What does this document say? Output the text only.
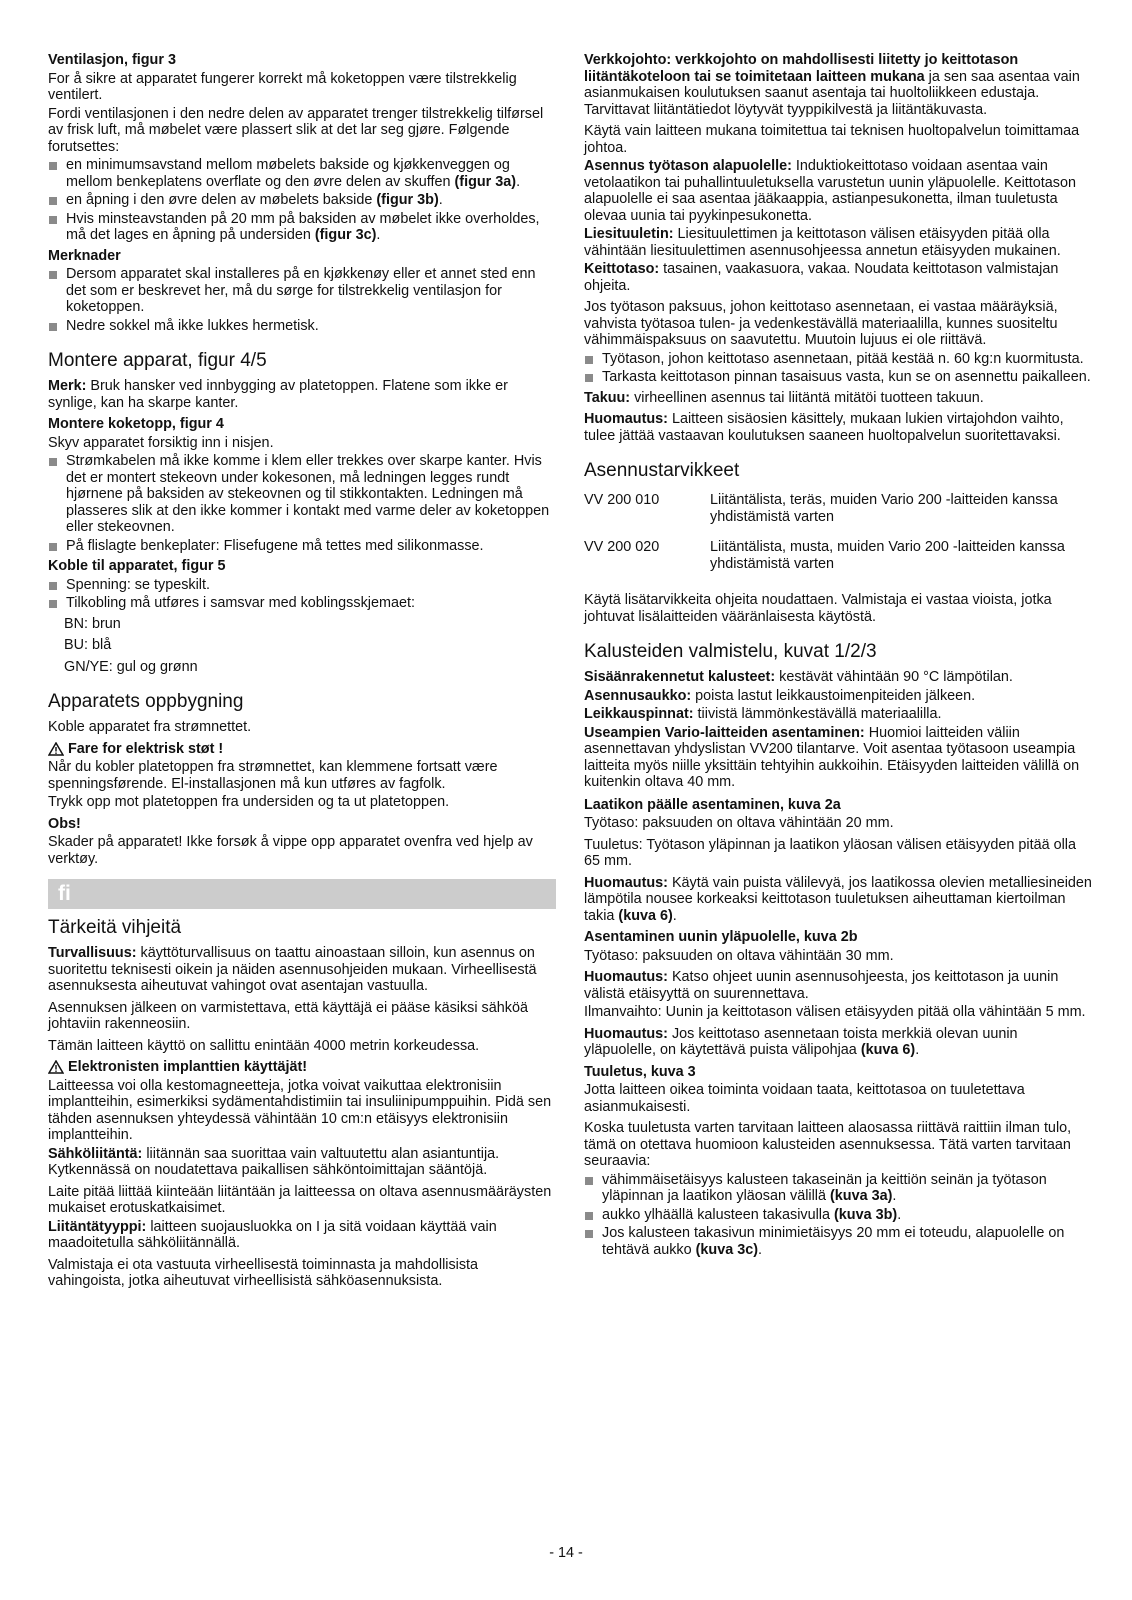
Ventilasjon, figur 3
For å sikre at apparatet fungerer korrekt må koketoppen være tilstrekkelig ventilert.
Fordi ventilasjonen i den nedre delen av apparatet trenger tilstrekkelig tilførsel av frisk luft, må møbelet være plassert slik at det lar seg gjøre. Følgende forutsettes:
en minimumsavstand mellom møbelets bakside og kjøkkenveggen og mellom benkeplatens overflate og den øvre delen av skuffen (figur 3a).
en åpning i den øvre delen av møbelets bakside (figur 3b).
Hvis minsteavstanden på 20 mm på baksiden av møbelet ikke overholdes, må det lages en åpning på undersiden (figur 3c).
Merknader
Dersom apparatet skal installeres på en kjøkkenøy eller et annet sted enn det som er beskrevet her, må du sørge for tilstrekkelig ventilasjon for koketoppen.
Nedre sokkel må ikke lukkes hermetisk.
Montere apparat, figur 4/5
Merk: Bruk hansker ved innbygging av platetoppen. Flatene som ikke er synlige, kan ha skarpe kanter.
Montere koketopp, figur 4
Skyv apparatet forsiktig inn i nisjen.
Strømkabelen må ikke komme i klem eller trekkes over skarpe kanter. Hvis det er montert stekeovn under kokesonen, må ledningen legges rundt hjørnene på baksiden av stekeovnen og til stikkontakten. Ledningen må plasseres slik at den ikke kommer i kontakt med varme deler av koketoppen eller stekeovnen.
På flislagte benkeplater: Flisefugene må tettes med silikonmasse.
Koble til apparatet, figur 5
Spenning: se typeskilt.
Tilkobling må utføres i samsvar med koblingsskjemaet:
BN: brun
BU: blå
GN/YE: gul og grønn
Apparatets oppbygning
Koble apparatet fra strømnettet.
Fare for elektrisk støt !
Når du kobler platetoppen fra strømnettet, kan klemmene fortsatt være spenningsførende. El-installasjonen må kun utføres av fagfolk.
Trykk opp mot platetoppen fra undersiden og ta ut platetoppen.
Obs!
Skader på apparatet! Ikke forsøk å vippe opp apparatet ovenfra ved hjelp av verktøy.
fi
Tärkeitä vihjeitä
Turvallisuus: käyttöturvallisuus on taattu ainoastaan silloin, kun asennus on suoritettu teknisesti oikein ja näiden asennusohjeiden mukaan. Virheellisestä asennuksesta aiheutuvat vahingot ovat asentajan vastuulla.
Asennuksen jälkeen on varmistettava, että käyttäjä ei pääse käsiksi sähköä johtaviin rakenneosiin.
Tämän laitteen käyttö on sallittu enintään 4000 metrin korkeudessa.
Elektronisten implanttien käyttäjät!
Laitteessa voi olla kestomagneetteja, jotka voivat vaikuttaa elektronisiin implantteihin, esimerkiksi sydämentahdistimiin tai insuliinipumppuihin. Pidä sen tähden asennuksen yhteydessä vähintään 10 cm:n etäisyys elektronisiin implantteihin.
Sähköliitäntä: liitännän saa suorittaa vain valtuutettu alan asiantuntija. Kytkennässä on noudatettava paikallisen sähköntoimittajan sääntöjä.
Laite pitää liittää kiinteään liitäntään ja laitteessa on oltava asennusmääräysten mukaiset erotuskatkaisimet.
Liitäntätyyppi: laitteen suojausluokka on I ja sitä voidaan käyttää vain maadoitetulla sähköliitännällä.
Valmistaja ei ota vastuuta virheellisestä toiminnasta ja mahdollisista vahingoista, jotka aiheutuvat virheellisistä sähköasennuksista.
Verkkojohto: verkkojohto on mahdollisesti liitetty jo keittotason liitäntäkoteloon tai se toimitetaan laitteen mukana ja sen saa asentaa vain asianmukaisen koulutuksen saanut asentaja tai huoltoliikkeen edustaja. Tarvittavat liitäntätiedot löytyvät tyyppikilvestä ja liitäntäkuvasta.
Käytä vain laitteen mukana toimitettua tai teknisen huoltopalvelun toimittamaa johtoa.
Asennus työtason alapuolelle: Induktiokeittotaso voidaan asentaa vain vetolaatikon tai puhallintuuletuksella varustetun uunin yläpuolelle. Keittotason alapuolelle ei saa asentaa jääkaappia, astianpesukonetta, ilman tuuletusta olevaa uunia tai pyykinpesukonetta.
Liesituuletin: Liesituulettimen ja keittotason välisen etäisyyden pitää olla vähintään liesituulettimen asennusohjeessa annetun etäisyyden mukainen.
Keittotaso: tasainen, vaakasuora, vakaa. Noudata keittotason valmistajan ohjeita.
Jos työtason paksuus, johon keittotaso asennetaan, ei vastaa määräyksiä, vahvista työtasoa tulen- ja vedenkestävällä materiaalilla, kunnes suositeltu vähimmäispaksuus on saavutettu. Muutoin lujuus ei ole riittävä.
Työtason, johon keittotaso asennetaan, pitää kestää n. 60 kg:n kuormitusta.
Tarkasta keittotason pinnan tasaisuus vasta, kun se on asennettu paikalleen.
Takuu: virheellinen asennus tai liitäntä mitätöi tuotteen takuun.
Huomautus: Laitteen sisäosien käsittely, mukaan lukien virtajohdon vaihto, tulee jättää vastaavan koulutuksen saaneen huoltopalvelun suoritettavaksi.
Asennustarvikkeet
VV 200 010	Liitäntälista, teräs, muiden Vario 200 -laitteiden kanssa yhdistämistä varten
VV 200 020	Liitäntälista, musta, muiden Vario 200 -laitteiden kanssa yhdistämistä varten
Käytä lisätarvikkeita ohjeita noudattaen. Valmistaja ei vastaa vioista, jotka johtuvat lisälaitteiden vääränlaisesta käytöstä.
Kalusteiden valmistelu, kuvat 1/2/3
Sisäänrakennetut kalusteet: kestävät vähintään 90 °C lämpötilan.
Asennusaukko: poista lastut leikkaustoimenpiteiden jälkeen.
Leikkauspinnat: tiivistä lämmönkestävällä materiaalilla.
Useampien Vario-laitteiden asentaminen: Huomioi laitteiden väliin asennettavan yhdyslistan VV200 tilantarve. Voit asentaa työtasoon useampia laitteita myös niille yksittäin tehtyihin aukkoihin. Etäisyyden laitteiden välillä on kuitenkin oltava 40 mm.
Laatikon päälle asentaminen, kuva 2a
Työtaso: paksuuden on oltava vähintään 20 mm.
Tuuletus: Työtason yläpinnan ja laatikon yläosan välisen etäisyyden pitää olla 65 mm.
Huomautus: Käytä vain puista välilevyä, jos laatikossa olevien metalliesineiden lämpötila nousee korkeaksi keittotason tuuletuksen aiheuttaman kiertoilman takia (kuva 6).
Asentaminen uunin yläpuolelle, kuva 2b
Työtaso: paksuuden on oltava vähintään 30 mm.
Huomautus: Katso ohjeet uunin asennusohjeesta, jos keittotason ja uunin välistä etäisyyttä on suurennettava.
Ilmanvaihto: Uunin ja keittotason välisen etäisyyden pitää olla vähintään 5 mm.
Huomautus: Jos keittotaso asennetaan toista merkkiä olevan uunin yläpuolelle, on käytettävä puista välipohjaa (kuva 6).
Tuuletus, kuva 3
Jotta laitteen oikea toiminta voidaan taata, keittotasoa on tuuletettava asianmukaisesti.
Koska tuuletusta varten tarvitaan laitteen alaosassa riittävä raittiin ilman tulo, tämä on otettava huomioon kalusteiden asennuksessa. Tätä varten tarvitaan seuraavia:
vähimmäisetäisyys kalusteen takaseinän ja keittiön seinän ja työtason yläpinnan ja laatikon yläosan välillä (kuva 3a).
aukko ylhäällä kalusteen takasivulla (kuva 3b).
Jos kalusteen takasivun minimietäisyys 20 mm ei toteudu, alapuolelle on tehtävä aukko (kuva 3c).
- 14 -
